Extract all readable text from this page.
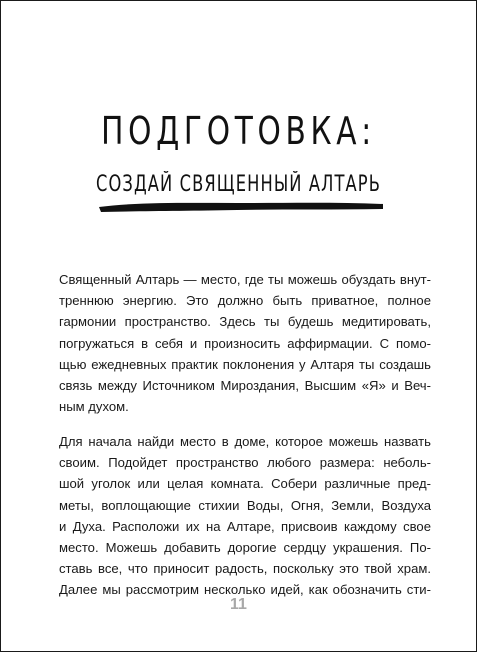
ПОДГОТОВКА:
СОЗДАЙ СВЯЩЕННЫЙ АЛТАРЬ
Священный Алтарь — место, где ты можешь обуздать внут-
треннюю энергию. Это должно быть приватное, полное
гармонии пространство. Здесь ты будешь медитировать,
погружаться в себя и произносить аффирмации. С помо-
щью ежедневных практик поклонения у Алтаря ты создашь
связь между Источником Мироздания, Высшим «Я» и Веч-
ным духом.
Для начала найди место в доме, которое можешь назвать
своим. Подойдет пространство любого размера: неболь-
шой уголок или целая комната. Собери различные пред-
меты, воплощающие стихии Воды, Огня, Земли, Воздуха
и Духа. Расположи их на Алтаре, присвоив каждому свое
место. Можешь добавить дорогие сердцу украшения. По-
ставь все, что приносит радость, поскольку это твой храм.
Далее мы рассмотрим несколько идей, как обозначить сти-
11
